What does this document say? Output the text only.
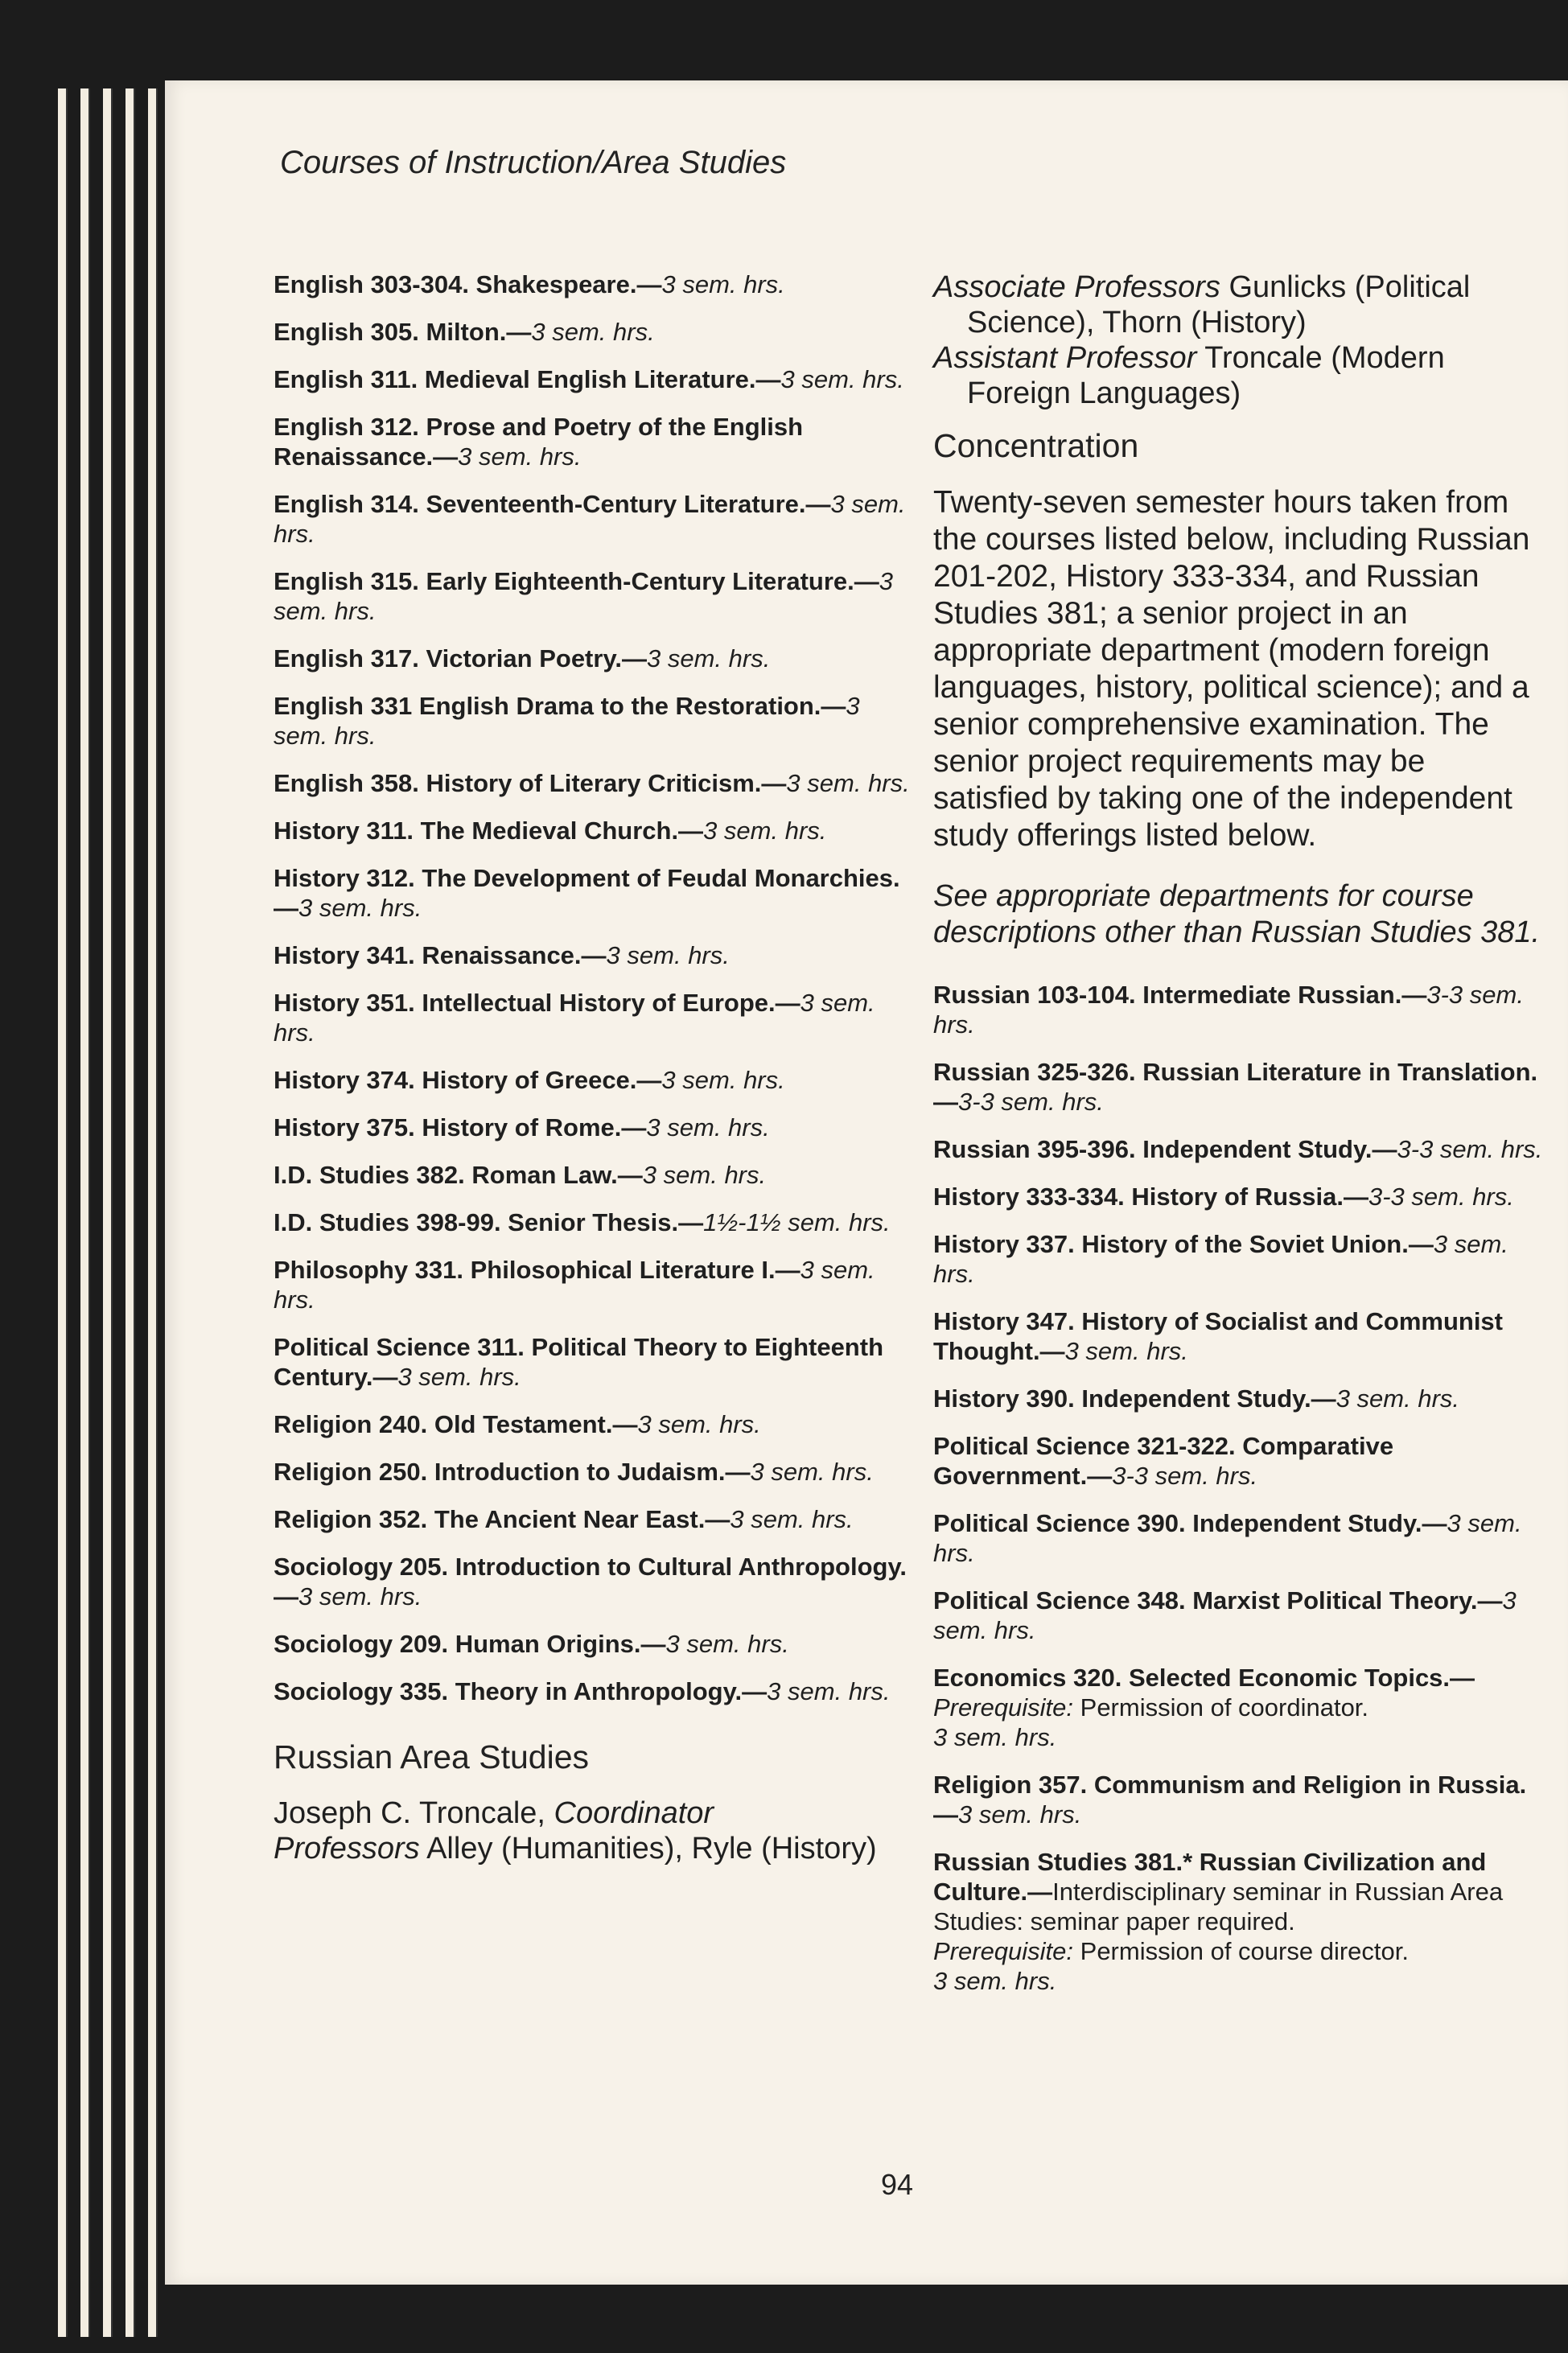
Courses of Instruction/Area Studies
English 303-304. Shakespeare.—3 sem. hrs.
English 305. Milton.—3 sem. hrs.
English 311. Medieval English Literature.—3 sem. hrs.
English 312. Prose and Poetry of the English Renaissance.—3 sem. hrs.
English 314. Seventeenth-Century Literature.—3 sem. hrs.
English 315. Early Eighteenth-Century Literature.—3 sem. hrs.
English 317. Victorian Poetry.—3 sem. hrs.
English 331 English Drama to the Restoration.—3 sem. hrs.
English 358. History of Literary Criticism.—3 sem. hrs.
History 311. The Medieval Church.—3 sem. hrs.
History 312. The Development of Feudal Monarchies.—3 sem. hrs.
History 341. Renaissance.—3 sem. hrs.
History 351. Intellectual History of Europe.—3 sem. hrs.
History 374. History of Greece.—3 sem. hrs.
History 375. History of Rome.—3 sem. hrs.
I.D. Studies 382. Roman Law.—3 sem. hrs.
I.D. Studies 398-99. Senior Thesis.—1½-1½ sem. hrs.
Philosophy 331. Philosophical Literature I.—3 sem. hrs.
Political Science 311. Political Theory to Eighteenth Century.—3 sem. hrs.
Religion 240. Old Testament.—3 sem. hrs.
Religion 250. Introduction to Judaism.—3 sem. hrs.
Religion 352. The Ancient Near East.—3 sem. hrs.
Sociology 205. Introduction to Cultural Anthropology.—3 sem. hrs.
Sociology 209. Human Origins.—3 sem. hrs.
Sociology 335. Theory in Anthropology.—3 sem. hrs.
Russian Area Studies
Joseph C. Troncale, Coordinator
Professors Alley (Humanities), Ryle (History)
Associate Professors Gunlicks (Political Science), Thorn (History)
Assistant Professor Troncale (Modern Foreign Languages)
Concentration
Twenty-seven semester hours taken from the courses listed below, including Russian 201-202, History 333-334, and Russian Studies 381; a senior project in an appropriate department (modern foreign languages, history, political science); and a senior comprehensive examination. The senior project requirements may be satisfied by taking one of the independent study offerings listed below.
See appropriate departments for course descriptions other than Russian Studies 381.
Russian 103-104. Intermediate Russian.—3-3 sem. hrs.
Russian 325-326. Russian Literature in Translation.—3-3 sem. hrs.
Russian 395-396. Independent Study.—3-3 sem. hrs.
History 333-334. History of Russia.—3-3 sem. hrs.
History 337. History of the Soviet Union.—3 sem. hrs.
History 347. History of Socialist and Communist Thought.—3 sem. hrs.
History 390. Independent Study.—3 sem. hrs.
Political Science 321-322. Comparative Government.—3-3 sem. hrs.
Political Science 390. Independent Study.—3 sem. hrs.
Political Science 348. Marxist Political Theory.—3 sem. hrs.
Economics 320. Selected Economic Topics.—
Prerequisite: Permission of coordinator.
3 sem. hrs.
Religion 357. Communism and Religion in Russia.—3 sem. hrs.
Russian Studies 381.* Russian Civilization and Culture.—Interdisciplinary seminar in Russian Area Studies: seminar paper required.
Prerequisite: Permission of course director.
3 sem. hrs.
94
